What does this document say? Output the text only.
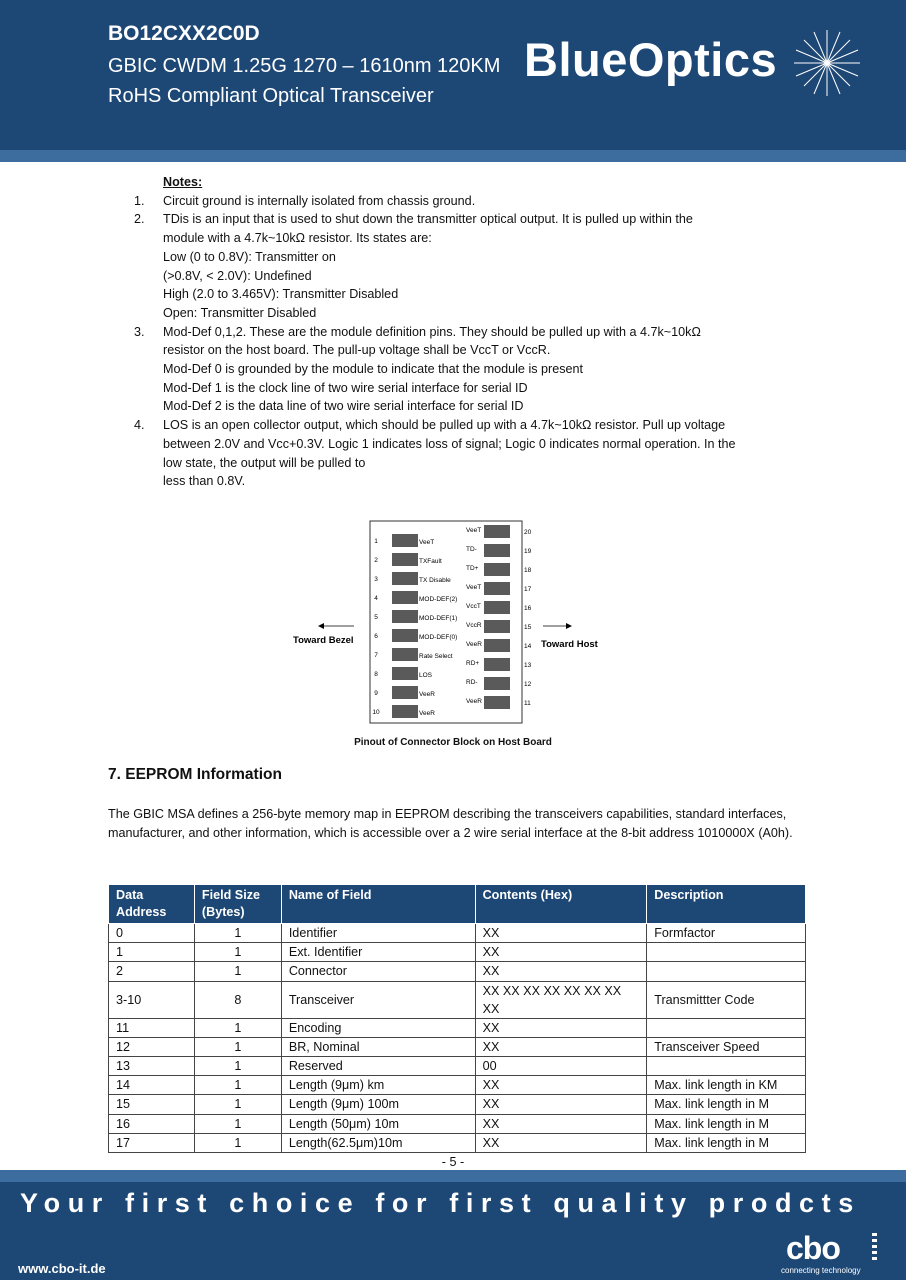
BO12CXX2C0D
GBIC CWDM 1.25G 1270 – 1610nm 120KM
RoHS Compliant Optical Transceiver
BlueOptics
Notes:
1. Circuit ground is internally isolated from chassis ground.
2. TDis is an input that is used to shut down the transmitter optical output. It is pulled up within the
module with a 4.7k~10kΩ resistor. Its states are:
Low (0 to 0.8V): Transmitter on
(>0.8V, < 2.0V): Undefined
High (2.0 to 3.465V): Transmitter Disabled
Open: Transmitter Disabled
3. Mod-Def 0,1,2. These are the module definition pins. They should be pulled up with a 4.7k~10kΩ
resistor on the host board. The pull-up voltage shall be VccT or VccR.
Mod-Def 0 is grounded by the module to indicate that the module is present
Mod-Def 1 is the clock line of two wire serial interface for serial ID
Mod-Def 2 is the data line of two wire serial interface for serial ID
4. LOS is an open collector output, which should be pulled up with a 4.7k~10kΩ resistor. Pull up voltage
between 2.0V and Vcc+0.3V. Logic 1 indicates loss of signal; Logic 0 indicates normal operation. In the
low state, the output will be pulled to
less than 0.8V.
1	VeeT
2	TXFault
3	TX Disable
4	MOD-DEF(2)
5	MOD-DEF(1)
6	MOD-DEF(0)
7	Rate Select
8	LOS
9	VeeR
10	VeeR
VeeT	20
TD-	19
TD+	18
VeeT	17
VccT	16
VccR	15
VeeR	14
RD+	13
RD-	12
VeeR	11
Toward Bezel	Toward Host
Pinout of Connector Block on Host Board
7. EEPROM Information
The GBIC MSA defines a 256-byte memory map in EEPROM describing the transceivers capabilities, standard interfaces, manufacturer, and other information, which is accessible over a 2 wire serial interface at the 8-bit address 1010000X (A0h).
Data Address	Field Size (Bytes)	Name of Field	Contents (Hex)	Description
0	1	Identifier	XX	Formfactor
1	1	Ext. Identifier	XX	
2	1	Connector	XX	
3-10	8	Transceiver	XX XX XX XX XX XX XX XX	Transmittter Code
11	1	Encoding	XX	
12	1	BR, Nominal	XX	Transceiver Speed
13	1	Reserved	00	
14	1	Length (9μm) km	XX	Max. link length in KM
15	1	Length (9μm) 100m	XX	Max. link length in M
16	1	Length (50μm) 10m	XX	Max. link length in M
17	1	Length(62.5μm)10m	XX	Max. link length in M
- 5 -
Your first choice for first quality prodcts
www.cbo-it.de
cbo
connecting technology
